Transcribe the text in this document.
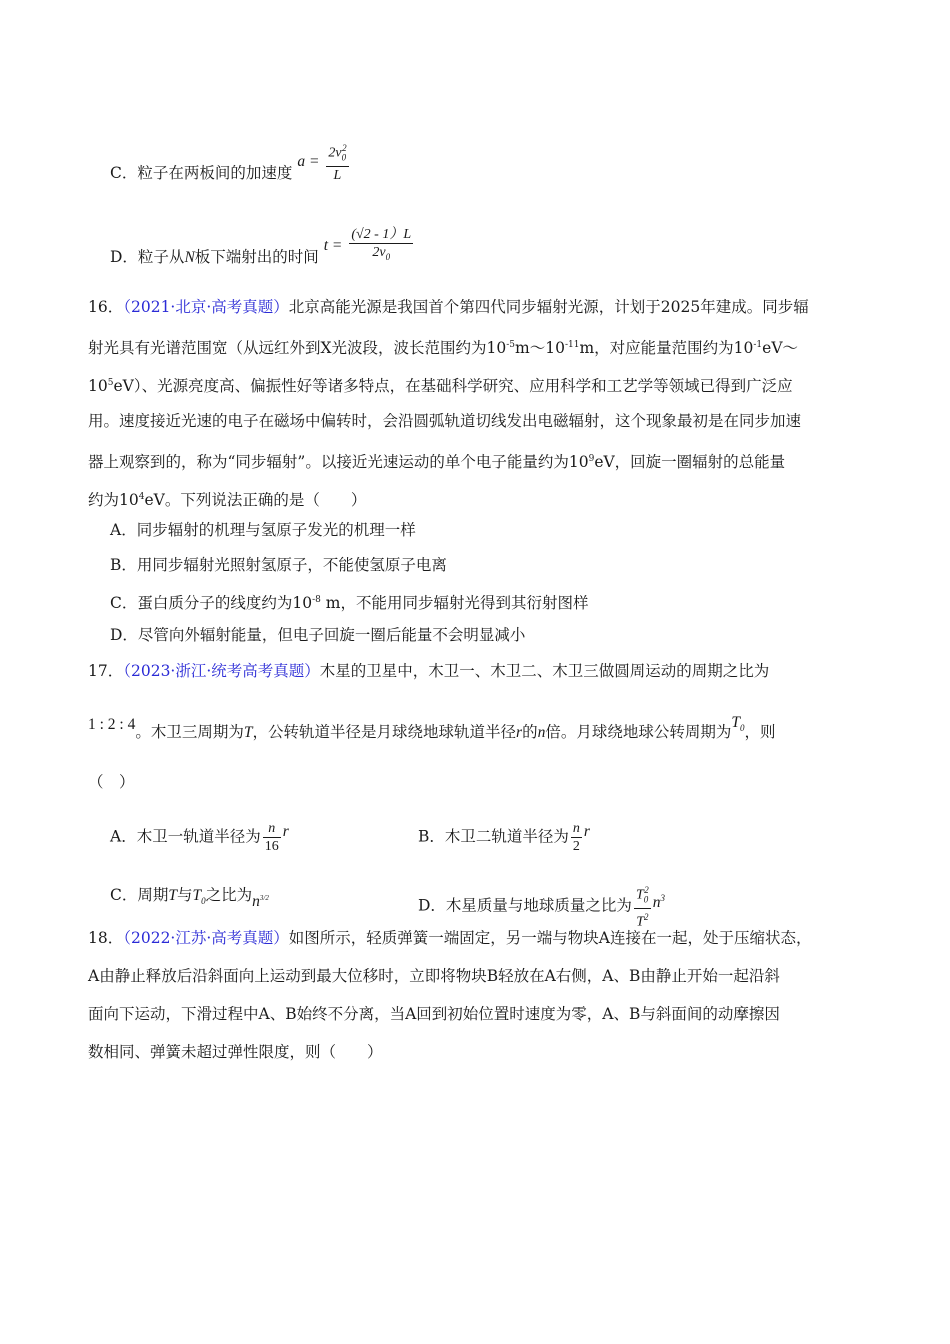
C．粒子在两板间的加速度 $a = \frac{2v_0^2}{L}$
D．粒子从N板下端射出的时间 $t = \frac{(√2 - 1)L}{2v_0}$
16．（2021·北京·高考真题）北京高能光源是我国首个第四代同步辐射光源，计划于2025年建成。同步辐
射光具有光谱范围宽（从远红外到X光波段，波长范围约为$10^{-5}m\sim 10^{-11}m$，对应能量范围约为$10^{-1}eV\sim$
$10^5eV$）、光源亮度高、偏振性好等诸多特点，在基础科学研究、应用科学和工艺学等领域已得到广泛应
用。速度接近光速的电子在磁场中偏转时，会沿圆弧轨道切线发出电磁辐射，这个现象最初是在同步加速
器上观察到的，称为“同步辐射”。以接近光速运动的单个电子能量约为$10^9eV$，回旋一圈辐射的总能量
约为$10^4eV$。下列说法正确的是（　　）
A．同步辐射的机理与氢原子发光的机理一样
B．用同步辐射光照射氢原子，不能使氢原子电离
C．蛋白质分子的线度约为$10^{-8}$ m，不能用同步辐射光得到其衍射图样
D．尽管向外辐射能量，但电子回旋一圈后能量不会明显减小
17．（2023·浙江·统考高考真题）木星的卫星中，木卫一、木卫二、木卫三做圆周运动的周期之比为
1 : 2 : 4。木卫三周期为T，公转轨道半径是月球绕地球轨道半径r的n倍。月球绕地球公转周期为$T_0$，则
（　）
A．木卫一轨道半径为 $\frac{n}{16}$ r	B．木卫二轨道半径为 $\frac{n}{2}$ r
C．周期T与$T_0$之比为$n^{3/2}$	D．木星质量与地球质量之比为 $\frac{T_0^2}{T^2} n^3$
18．（2022·江苏·高考真题）如图所示，轻质弹簧一端固定，另一端与物块A连接在一起，处于压缩状态，
A由静止释放后沿斜面向上运动到最大位移时，立即将物块B轻放在A右侧，A、B由静止开始一起沿斜
面向下运动，下滑过程中A、B始终不分离，当A回到初始位置时速度为零，A、B与斜面间的动摩擦因
数相同、弹簧未超过弹性限度，则（　　）
